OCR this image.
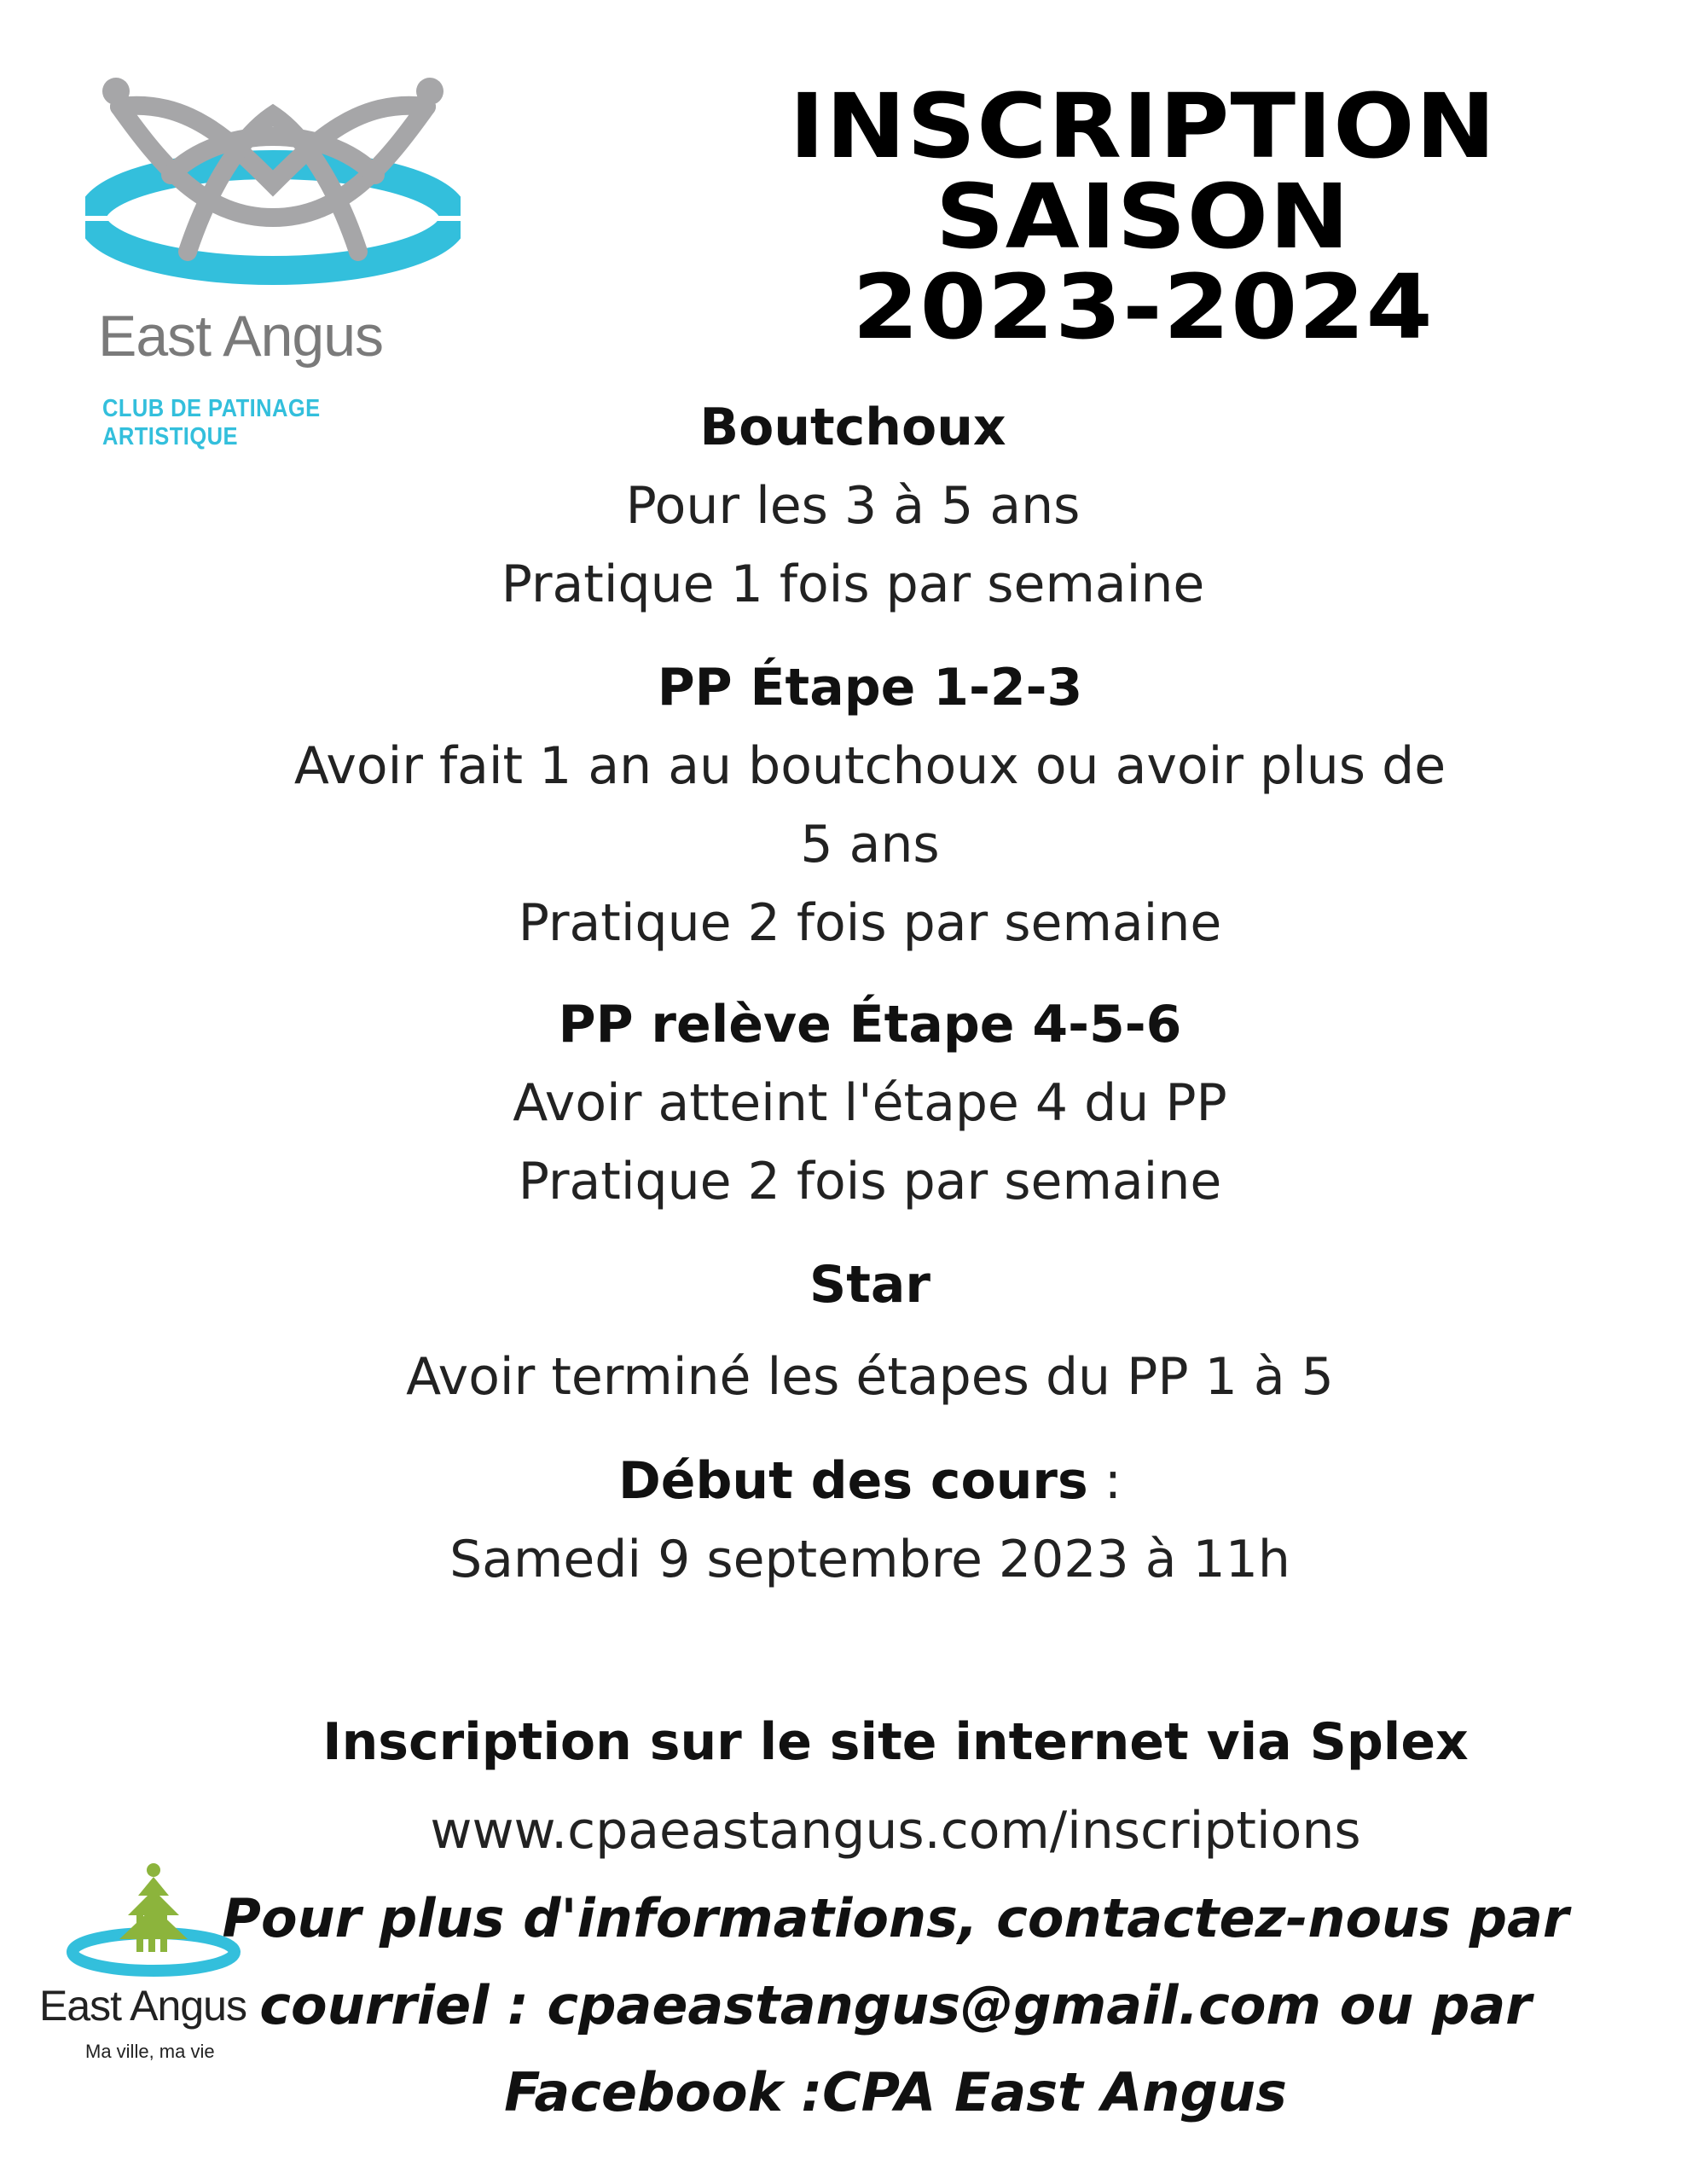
East Angus
CLUB DE PATINAGE ARTISTIQUE
INSCRIPTION
SAISON
2023-2024
Boutchoux
Pour les 3 à 5 ans
Pratique 1 fois par semaine
PP Étape 1-2-3
Avoir fait 1 an au boutchoux ou avoir plus de
5 ans
Pratique 2 fois par semaine
PP relève Étape 4-5-6
Avoir atteint l'étape 4 du PP
Pratique 2 fois par semaine
Star
Avoir terminé les étapes du PP 1 à 5
Début des cours :
Samedi 9 septembre 2023 à 11h
Inscription sur le site internet via Splex
www.cpaeastangus.com/inscriptions
Pour plus d'informations, contactez-nous par
courriel : cpaeastangus@gmail.com ou par
Facebook :CPA East Angus
East Angus
Ma ville, ma vie
